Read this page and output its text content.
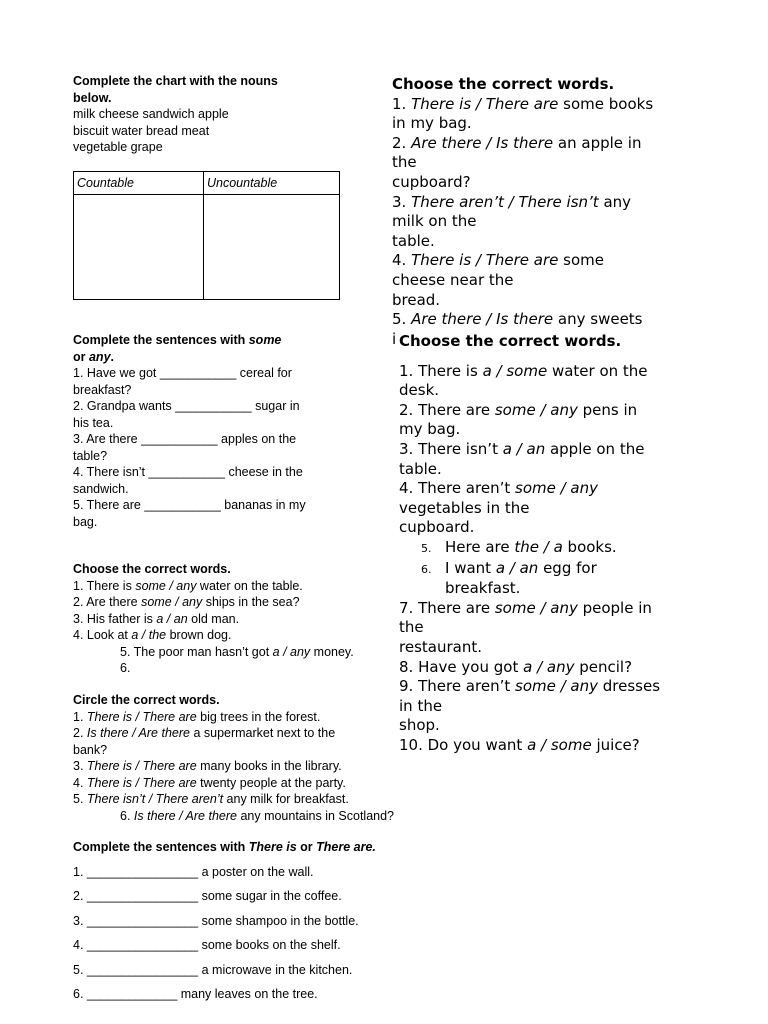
Complete the chart with the nouns
below.
milk cheese sandwich apple
biscuit water bread meat
vegetable grape
Countable	Uncountable

Complete the sentences with some
or any.
1. Have we got ___________ cereal for
breakfast?
2. Grandpa wants ___________ sugar in
his tea.
3. Are there ___________ apples on the
table?
4. There isn’t ___________ cheese in the
sandwich.
5. There are ___________ bananas in my
bag.
Choose the correct words.
1. There is some / any water on the table.
2. Are there some / any ships in the sea?
3. His father is a / an old man.
4. Look at a / the brown dog.
5. The poor man hasn’t got a / any money.
6.
Circle the correct words.
1. There is / There are big trees in the forest.
2. Is there / Are there a supermarket next to the
bank?
3. There is / There are many books in the library.
4. There is / There are twenty people at the party.
5. There isn’t / There aren’t any milk for breakfast.
6. Is there / Are there any mountains in Scotland?
Complete the sentences with There is or There are.
1. ________________ a poster on the wall.
2. ________________ some sugar in the coffee.
3. ________________ some shampoo in the bottle.
4. ________________ some books on the shelf.
5. ________________ a microwave in the kitchen.
6. _____________ many leaves on the tree.
Choose the correct words.
1. There is / There are some books
in my bag.
2. Are there / Is there an apple in
the
cupboard?
3. There aren’t / There isn’t any
milk on the
table.
4. There is / There are some
cheese near the
bread.
5. Are there / Is there any sweets
i Choose the correct words.
1. There is a / some water on the
desk.
2. There are some / any pens in
my bag.
3. There isn’t a / an apple on the
table.
4. There aren’t some / any
vegetables in the
cupboard.
5. Here are the / a books.
6. I want a / an egg for
breakfast.
7. There are some / any people in
the
restaurant.
8. Have you got a / any pencil?
9. There aren’t some / any dresses
in the
shop.
10. Do you want a / some juice?
